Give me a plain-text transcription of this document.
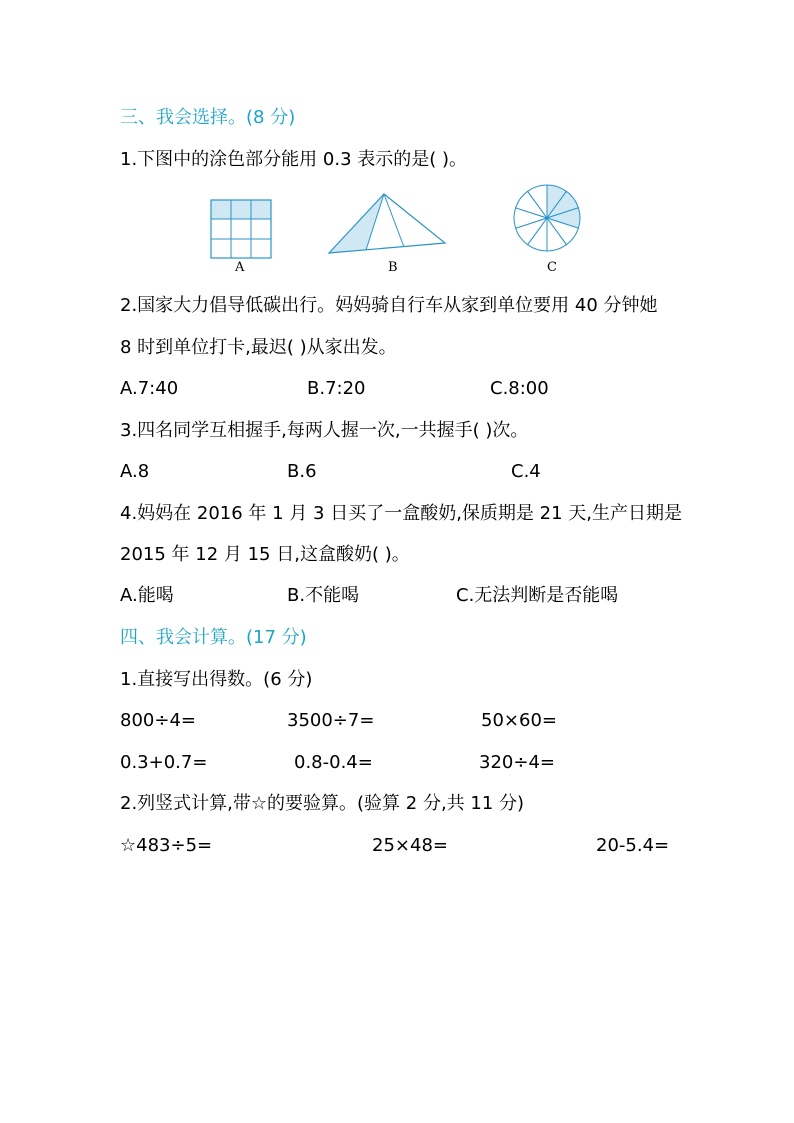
三、我会选择。(8 分)
1.下图中的涂色部分能用 0.3 表示的是( )。
A	B	C
2.国家大力倡导低碳出行。妈妈骑自行车从家到单位要用 40 分钟她
8 时到单位打卡,最迟( )从家出发。
A.7:40	B.7:20	C.8:00
3.四名同学互相握手,每两人握一次,一共握手( )次。
A.8	B.6	C.4
4.妈妈在 2016 年 1 月 3 日买了一盒酸奶,保质期是 21 天,生产日期是
2015 年 12 月 15 日,这盒酸奶( )。
A.能喝	B.不能喝	C.无法判断是否能喝
四、我会计算。(17 分)
1.直接写出得数。(6 分)
800÷4=	3500÷7=	50×60=
0.3+0.7=	0.8-0.4=	320÷4=
2.列竖式计算,带☆的要验算。(验算 2 分,共 11 分)
☆483÷5=	25×48=	20-5.4=
